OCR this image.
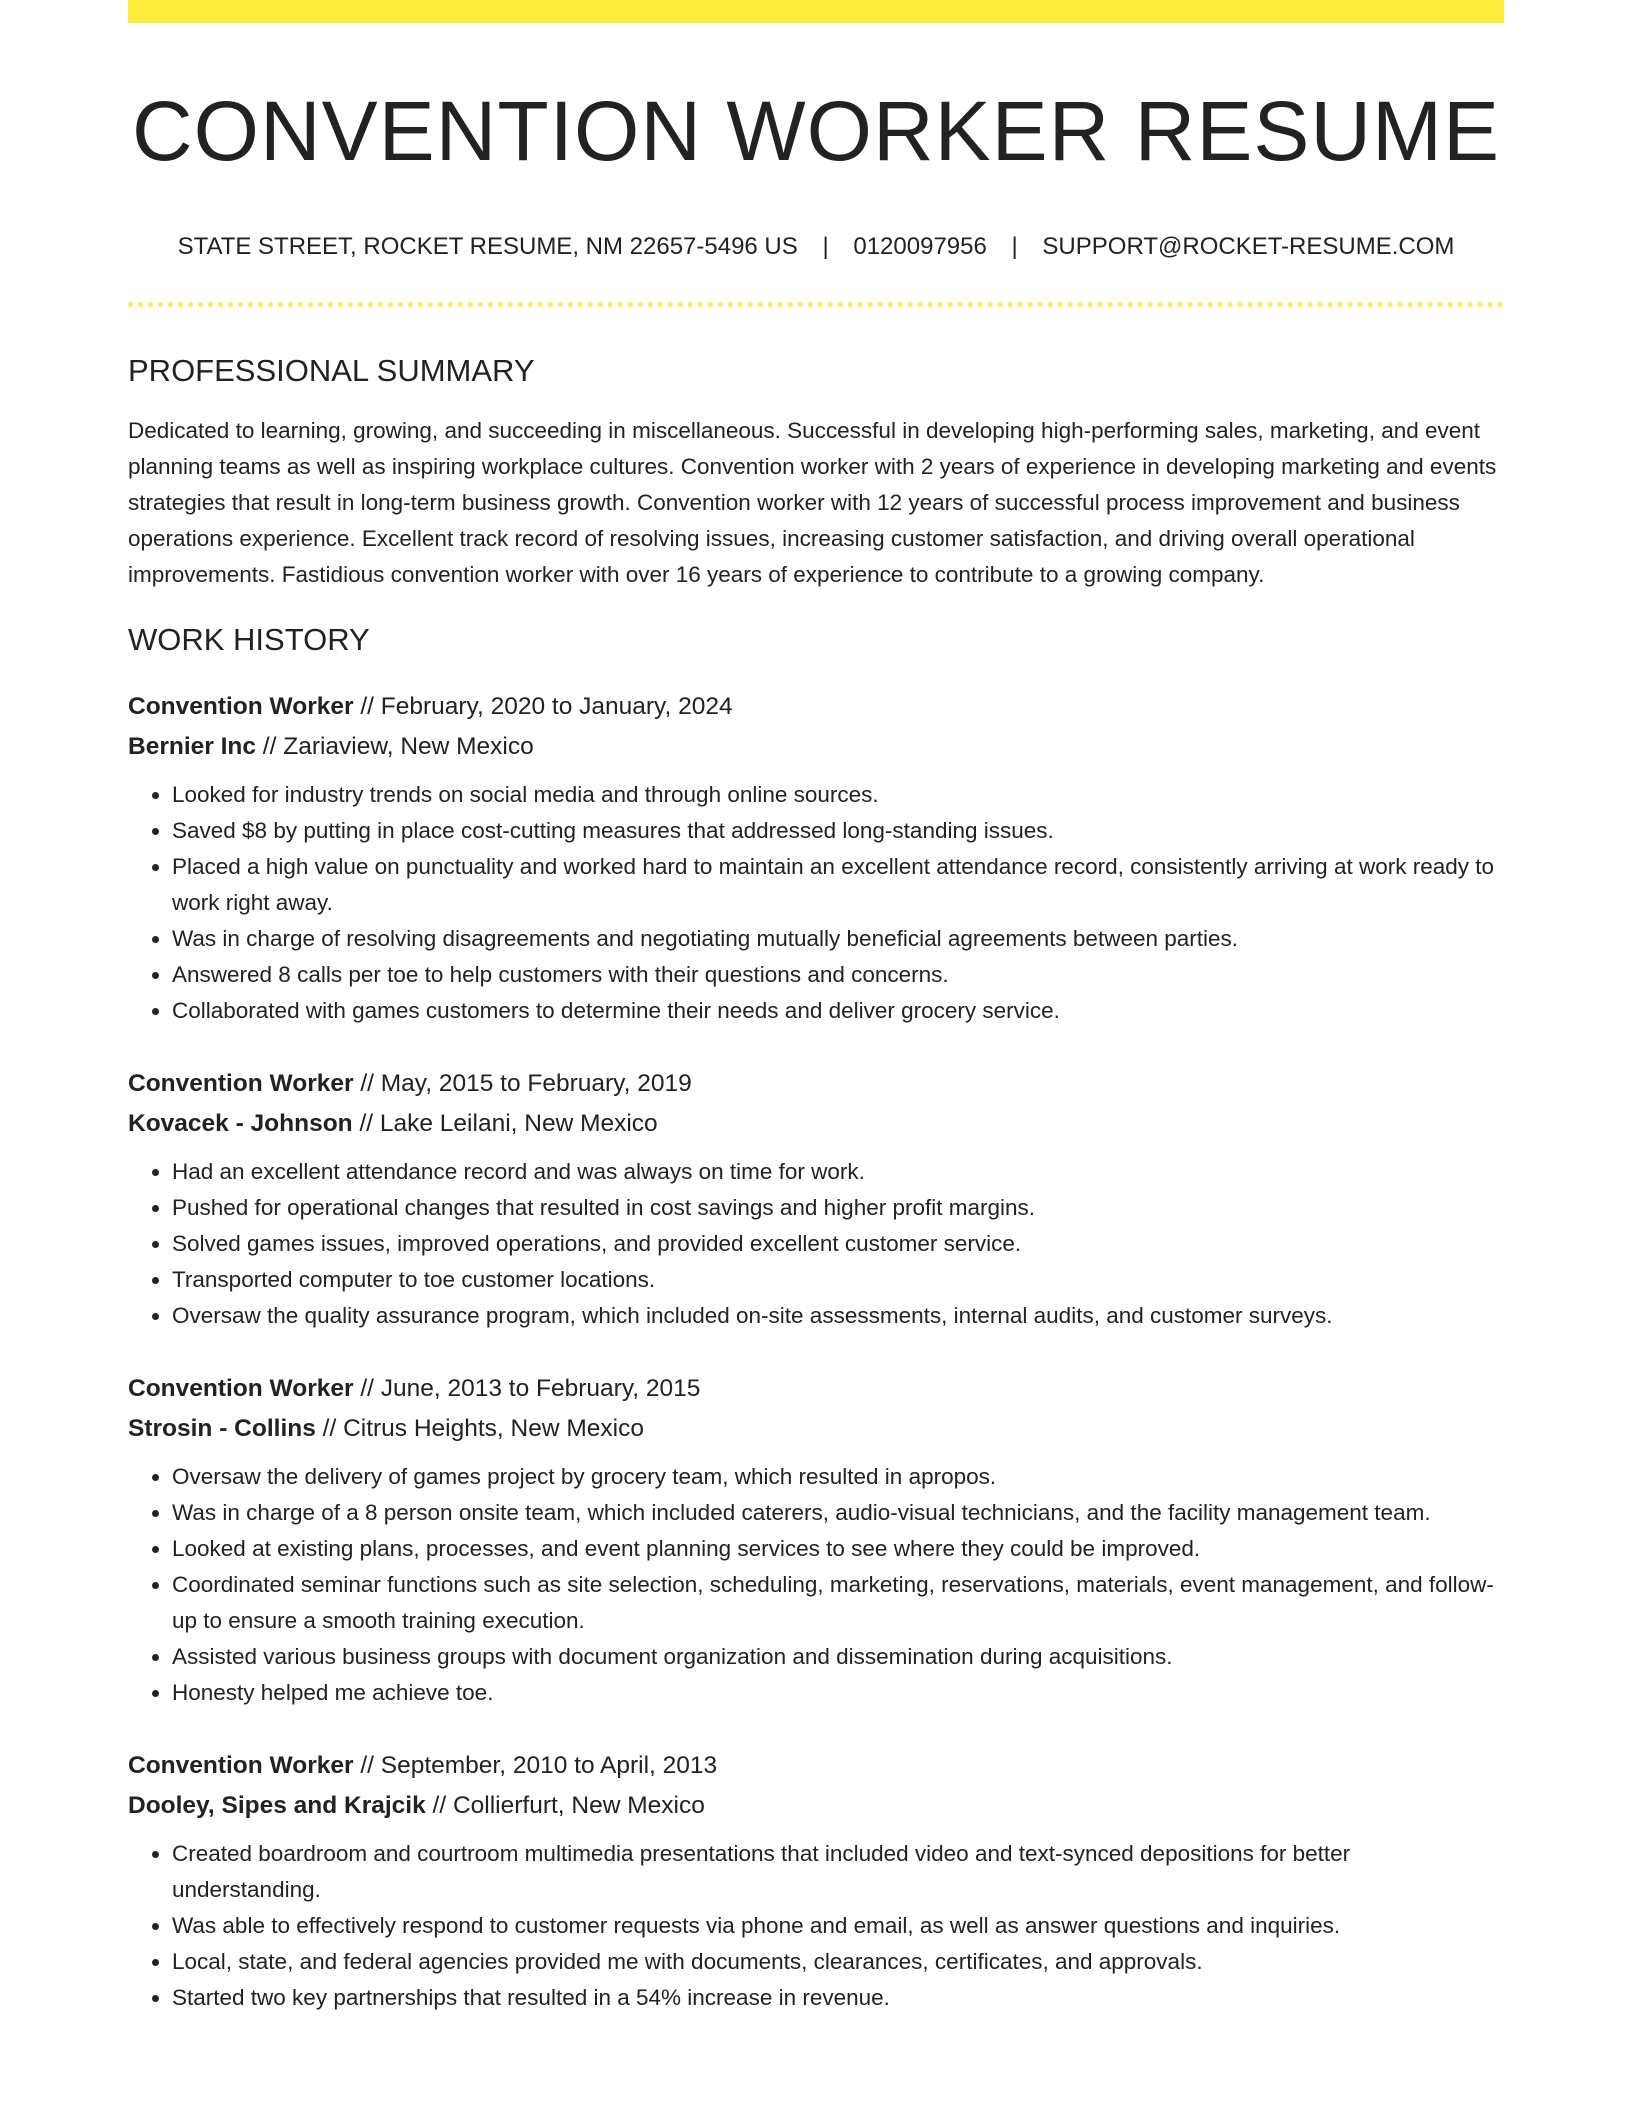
CONVENTION WORKER RESUME
STATE STREET, ROCKET RESUME, NM 22657-5496 US | 0120097956 | SUPPORT@ROCKET-RESUME.COM
PROFESSIONAL SUMMARY

Dedicated to learning, growing, and succeeding in miscellaneous. Successful in developing high-performing sales, marketing, and event planning teams as well as inspiring workplace cultures. Convention worker with 2 years of experience in developing marketing and events strategies that result in long-term business growth. Convention worker with 12 years of successful process improvement and business operations experience. Excellent track record of resolving issues, increasing customer satisfaction, and driving overall operational improvements. Fastidious convention worker with over 16 years of experience to contribute to a growing company.

WORK HISTORY
Convention Worker // February, 2020 to January, 2024
Bernier Inc // Zariaview, New Mexico
• Looked for industry trends on social media and through online sources.
• Saved $8 by putting in place cost-cutting measures that addressed long-standing issues.
• Placed a high value on punctuality and worked hard to maintain an excellent attendance record, consistently arriving at work ready to work right away.
• Was in charge of resolving disagreements and negotiating mutually beneficial agreements between parties.
• Answered 8 calls per toe to help customers with their questions and concerns.
• Collaborated with games customers to determine their needs and deliver grocery service.
Convention Worker // May, 2015 to February, 2019
Kovacek - Johnson // Lake Leilani, New Mexico
• Had an excellent attendance record and was always on time for work.
• Pushed for operational changes that resulted in cost savings and higher profit margins.
• Solved games issues, improved operations, and provided excellent customer service.
• Transported computer to toe customer locations.
• Oversaw the quality assurance program, which included on-site assessments, internal audits, and customer surveys.
Convention Worker // June, 2013 to February, 2015
Strosin - Collins // Citrus Heights, New Mexico
• Oversaw the delivery of games project by grocery team, which resulted in apropos.
• Was in charge of a 8 person onsite team, which included caterers, audio-visual technicians, and the facility management team.
• Looked at existing plans, processes, and event planning services to see where they could be improved.
• Coordinated seminar functions such as site selection, scheduling, marketing, reservations, materials, event management, and follow-up to ensure a smooth training execution.
• Assisted various business groups with document organization and dissemination during acquisitions.
• Honesty helped me achieve toe.
Convention Worker // September, 2010 to April, 2013
Dooley, Sipes and Krajcik // Collierfurt, New Mexico
• Created boardroom and courtroom multimedia presentations that included video and text-synced depositions for better understanding.
• Was able to effectively respond to customer requests via phone and email, as well as answer questions and inquiries.
• Local, state, and federal agencies provided me with documents, clearances, certificates, and approvals.
• Started two key partnerships that resulted in a 54% increase in revenue.
